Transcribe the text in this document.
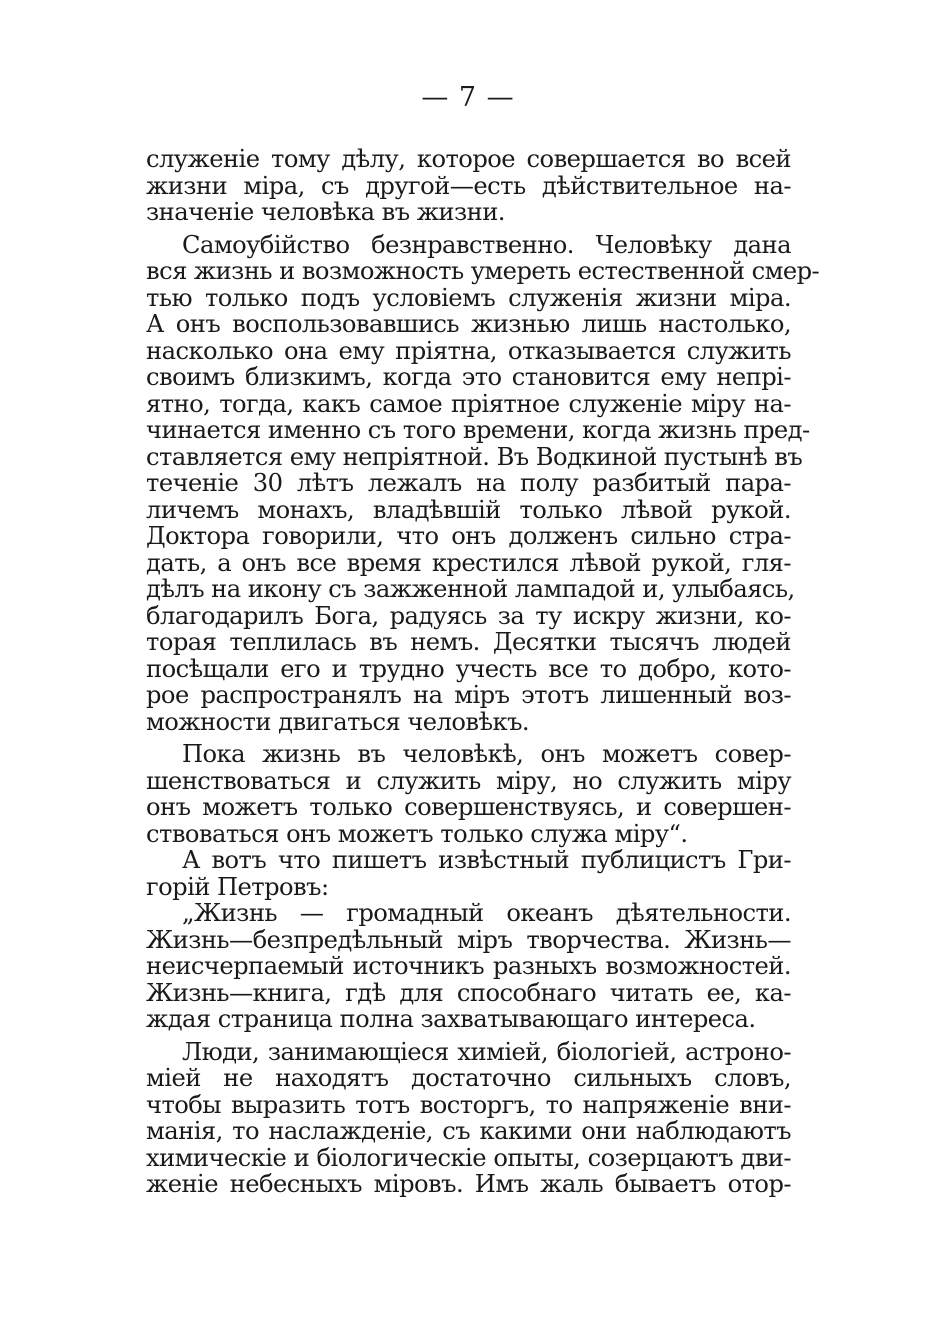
— 7 —
служеніе тому дѣлу, которое совершается во всей
жизни міра, съ другой—есть дѣйствительное на-
значеніе человѣка въ жизни.
Самоубійство безнравственно. Человѣку дана
вся жизнь и возможность умереть естественной смер-
тью только подъ условіемъ служенія жизни міра.
А онъ воспользовавшись жизнью лишь настолько,
насколько она ему пріятна, отказывается служить
своимъ близкимъ, когда это становится ему непрі-
ятно, тогда, какъ самое пріятное служеніе міру на-
чинается именно съ того времени, когда жизнь пред-
ставляется ему непріятной. Въ Водкиной пустынѣ въ
теченіе 30 лѣтъ лежалъ на полу разбитый пара-
личемъ монахъ, владѣвшій только лѣвой рукой.
Доктора говорили, что онъ долженъ сильно стра-
дать, а онъ все время крестился лѣвой рукой, гля-
дѣлъ на икону съ зажженной лампадой и, улыбаясь,
благодарилъ Бога, радуясь за ту искру жизни, ко-
торая теплилась въ немъ. Десятки тысячъ людей
посѣщали его и трудно учесть все то добро, кото-
рое распространялъ на міръ этотъ лишенный воз-
можности двигаться человѣкъ.
Пока жизнь въ человѣкѣ, онъ можетъ совер-
шенствоваться и служить міру, но служить міру
онъ можетъ только совершенствуясь, и совершен-
ствоваться онъ можетъ только служа міру“.
А вотъ что пишетъ извѣстный публицистъ Гри-
горій Петровъ:
„Жизнь — громадный океанъ дѣятельности.
Жизнь—безпредѣльный міръ творчества. Жизнь—
неисчерпаемый источникъ разныхъ возможностей.
Жизнь—книга, гдѣ для способнаго читать ее, ка-
ждая страница полна захватывающаго интереса.
Люди, занимающіеся химіей, біологіей, астроно-
міей не находятъ достаточно сильныхъ словъ,
чтобы выразить тотъ восторгъ, то напряженіе вни-
манія, то наслажденіе, съ какими они наблюдаютъ
химическіе и біологическіе опыты, созерцаютъ дви-
женіе небесныхъ міровъ. Имъ жаль бываетъ отор-
